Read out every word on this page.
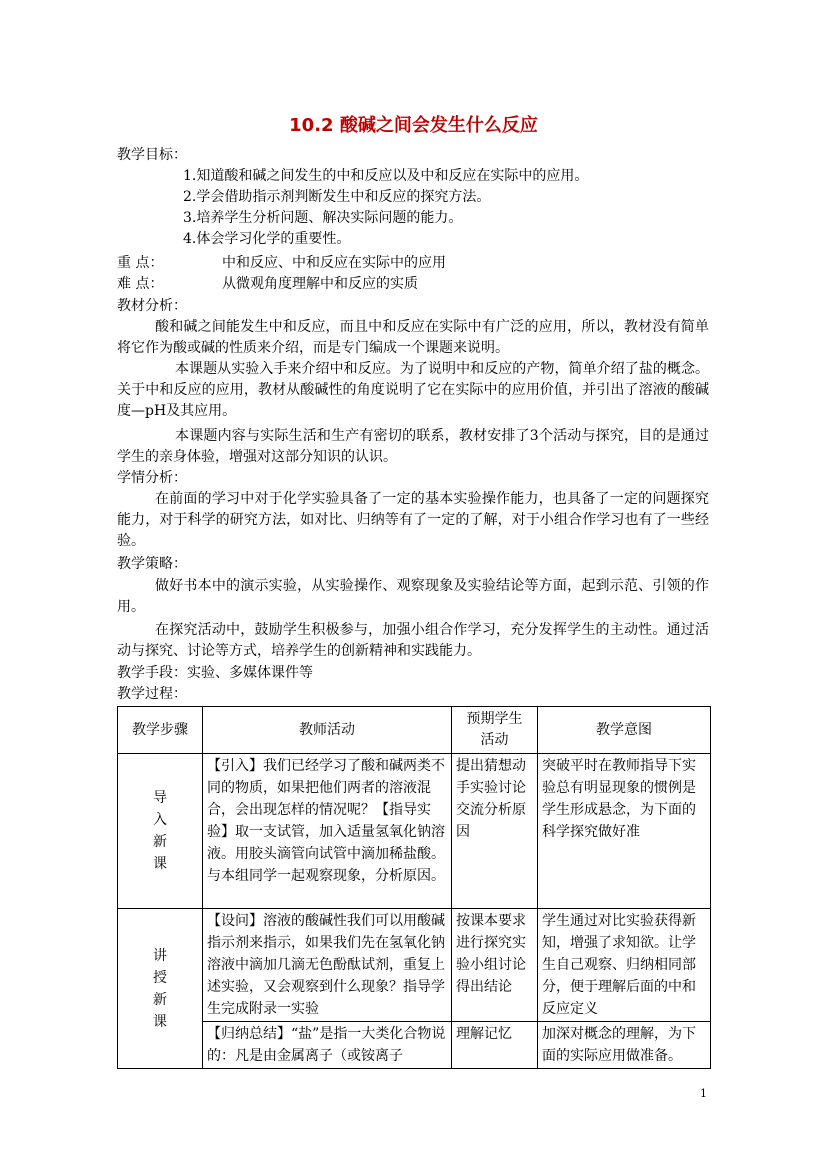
10.2 酸碱之间会发生什么反应
教学目标：
1.知道酸和碱之间发生的中和反应以及中和反应在实际中的应用。
2.学会借助指示剂判断发生中和反应的探究方法。
3.培养学生分析问题、解决实际问题的能力。
4.体会学习化学的重要性。
重 点：	中和反应、中和反应在实际中的应用
难 点：	从微观角度理解中和反应的实质
教材分析：
酸和碱之间能发生中和反应，而且中和反应在实际中有广泛的应用，所以，教材没有简单将它作为酸或碱的性质来介绍，而是专门编成一个课题来说明。
本课题从实验入手来介绍中和反应。为了说明中和反应的产物，简单介绍了盐的概念。关于中和反应的应用，教材从酸碱性的角度说明了它在实际中的应用价值，并引出了溶液的酸碱度—pH及其应用。
本课题内容与实际生活和生产有密切的联系，教材安排了3个活动与探究，目的是通过学生的亲身体验，增强对这部分知识的认识。
学情分析：
在前面的学习中对于化学实验具备了一定的基本实验操作能力，也具备了一定的问题探究能力，对于科学的研究方法，如对比、归纳等有了一定的了解，对于小组合作学习也有了一些经验。
教学策略：
做好书本中的演示实验，从实验操作、观察现象及实验结论等方面，起到示范、引领的作用。
在探究活动中，鼓励学生积极参与，加强小组合作学习，充分发挥学生的主动性。通过活动与探究、讨论等方式，培养学生的创新精神和实践能力。
教学手段：实验、多媒体课件等
教学过程：
教学步骤	教师活动	预期学生活动	教学意图
导入新课	【引入】我们已经学习了酸和碱两类不同的物质，如果把他们两者的溶液混合，会出现怎样的情况呢？【指导实验】取一支试管，加入适量氢氧化钠溶液。用胶头滴管向试管中滴加稀盐酸。与本组同学一起观察现象，分析原因。	提出猜想动手实验讨论交流分析原因	突破平时在教师指导下实验总有明显现象的惯例是学生形成悬念，为下面的科学探究做好准
讲授新课	【设问】溶液的酸碱性我们可以用酸碱指示剂来指示，如果我们先在氢氧化钠溶液中滴加几滴无色酚酞试剂，重复上述实验，又会观察到什么现象？指导学生完成附录一实验	按课本要求进行探究实验小组讨论得出结论	学生通过对比实验获得新知，增强了求知欲。让学生自己观察、归纳相同部分，便于理解后面的中和反应定义
	【归纳总结】“盐”是指一大类化合物说的：凡是由金属离子（或铵离子	理解记忆	加深对概念的理解，为下面的实际应用做准备。
1
